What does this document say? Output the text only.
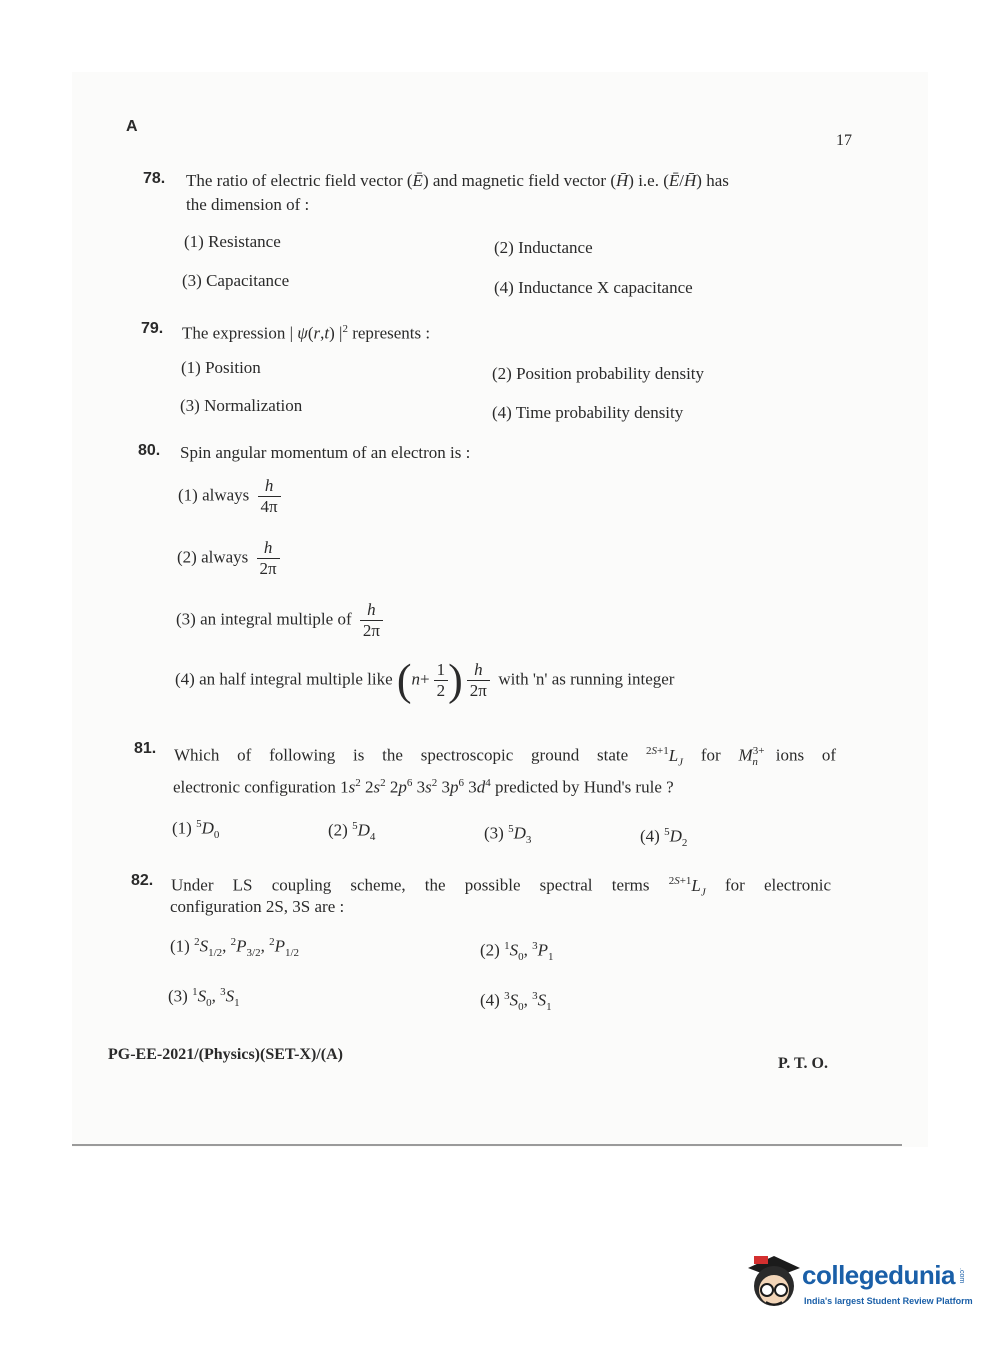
A
17
78. The ratio of electric field vector (Ē) and magnetic field vector (H̄) i.e. (Ē/H̄) has
the dimension of :
(1) Resistance	(2) Inductance
(3) Capacitance	(4) Inductance X capacitance
79. The expression | ψ(r,t) $|^2$ represents :
(1) Position	(2) Position probability density
(3) Normalization	(4) Time probability density
80. Spin angular momentum of an electron is :
(1) always $\frac{h}{4\pi}$
(2) always $\frac{h}{2\pi}$
(3) an integral multiple of $\frac{h}{2\pi}$
(4) an half integral multiple like ($n+ \frac{1}{2}$ ) $\frac{h}{2\pi}$ with 'n' as running integer
81. Which of following is the spectroscopic ground state $^{2S+1}L_J$ for $M^{3+}_n$ ions of
electronic configuration $1s^2$ $2s^2$ $2p^6$ $3s^2$ $3p^6$ $3d^4$ predicted by Hund's rule ?
(1) $^5D_0$	(2) $^5D_4$	(3) $^5D_3$	(4) $^5D_2$
82. Under LS coupling scheme, the possible spectral terms $^{2S+1}L_J$ for electronic
configuration 2S, 3S are :
(1) $^2S_{1/2}$, $^2P_{3/2}$, $^2P_{1/2}$	(2) $^1S_0$, $^3P_1$
(3) $^1S_0$, $^3S_1$	(4) $^3S_0$, $^3S_1$
PG-EE-2021/(Physics)(SET-X)/(A)
P. T. O.
collegedunia .com
India's largest Student Review Platform
